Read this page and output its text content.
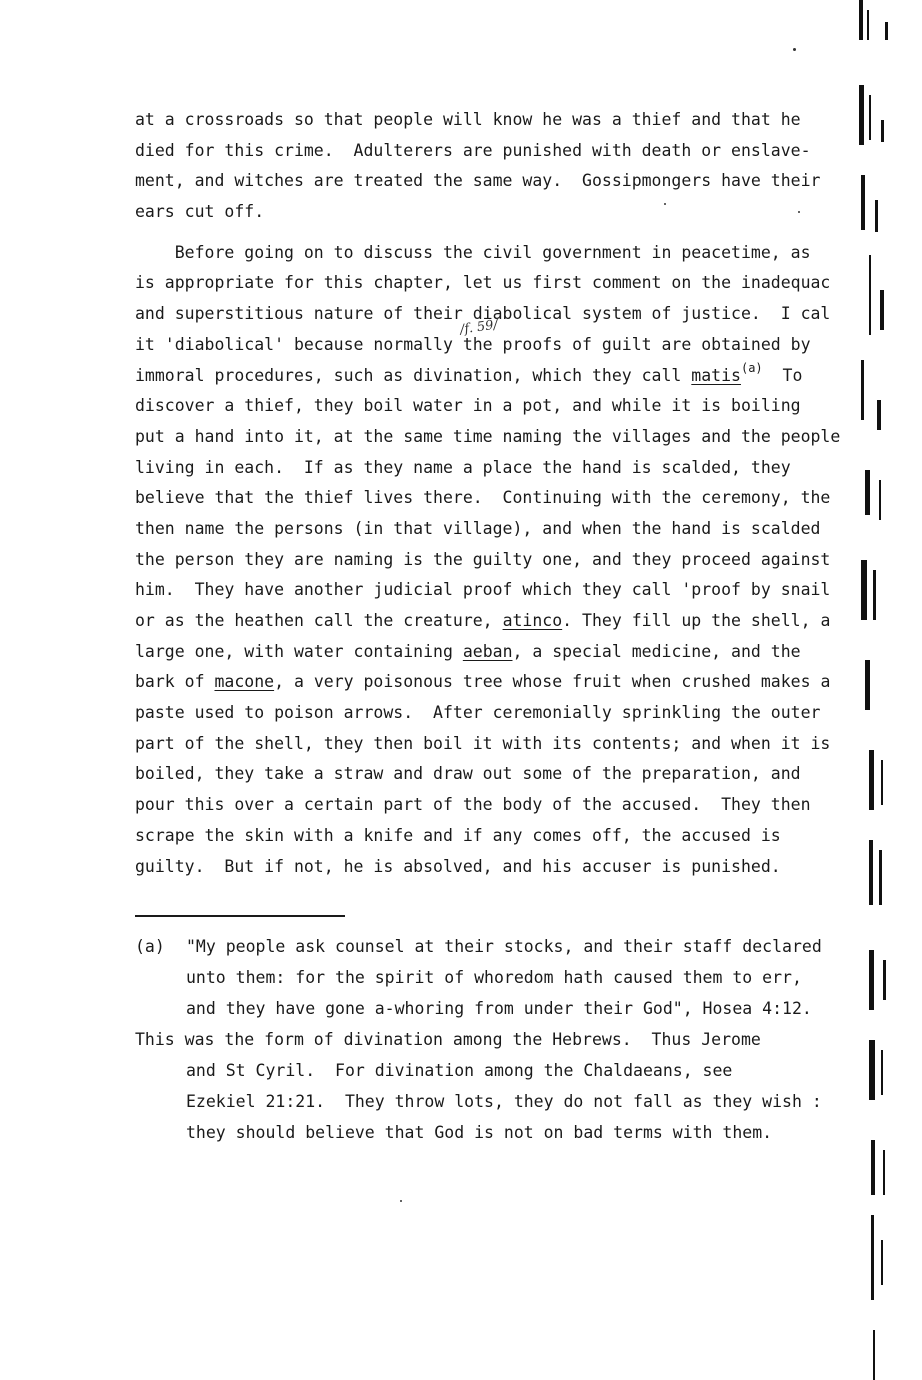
at a crossroads so that people will know he was a thief and that he
died for this crime.  Adulterers are punished with death or enslave-
ment, and witches are treated the same way.  Gossipmongers have their
ears cut off.
Before going on to discuss the civil government in peacetime, as
is appropriate for this chapter, let us first comment on the inadequac
and superstitious nature of their diabolical system of justice.  I cal
it 'diabolical' because normally the proofs of guilt are obtained by
immoral procedures, such as divination, which they call matis$^{(a)}$  To
discover a thief, they boil water in a pot, and while it is boiling
put a hand into it, at the same time naming the villages and the people
living in each.  If as they name a place the hand is scalded, they
believe that the thief lives there.  Continuing with the ceremony, the
then name the persons (in that village), and when the hand is scalded
the person they are naming is the guilty one, and they proceed against
him.  They have another judicial proof which they call 'proof by snail
or as the heathen call the creature, atinco. They fill up the shell, a
large one, with water containing aeban, a special medicine, and the
bark of macone, a very poisonous tree whose fruit when crushed makes a
paste used to poison arrows.  After ceremonially sprinkling the outer
part of the shell, they then boil it with its contents; and when it is
boiled, they take a straw and draw out some of the preparation, and
pour this over a certain part of the body of the accused.  They then
scrape the skin with a knife and if any comes off, the accused is
guilty.  But if not, he is absolved, and his accuser is punished.
/f. 59/
(a) "My people ask counsel at their stocks, and their staff declared
unto them: for the spirit of whoredom hath caused them to err,
and they have gone a-whoring from under their God", Hosea 4:12.
This was the form of divination among the Hebrews.  Thus Jerome
and St Cyril.  For divination among the Chaldaeans, see
Ezekiel 21:21.  They throw lots, they do not fall as they wish :
they should believe that God is not on bad terms with them.
